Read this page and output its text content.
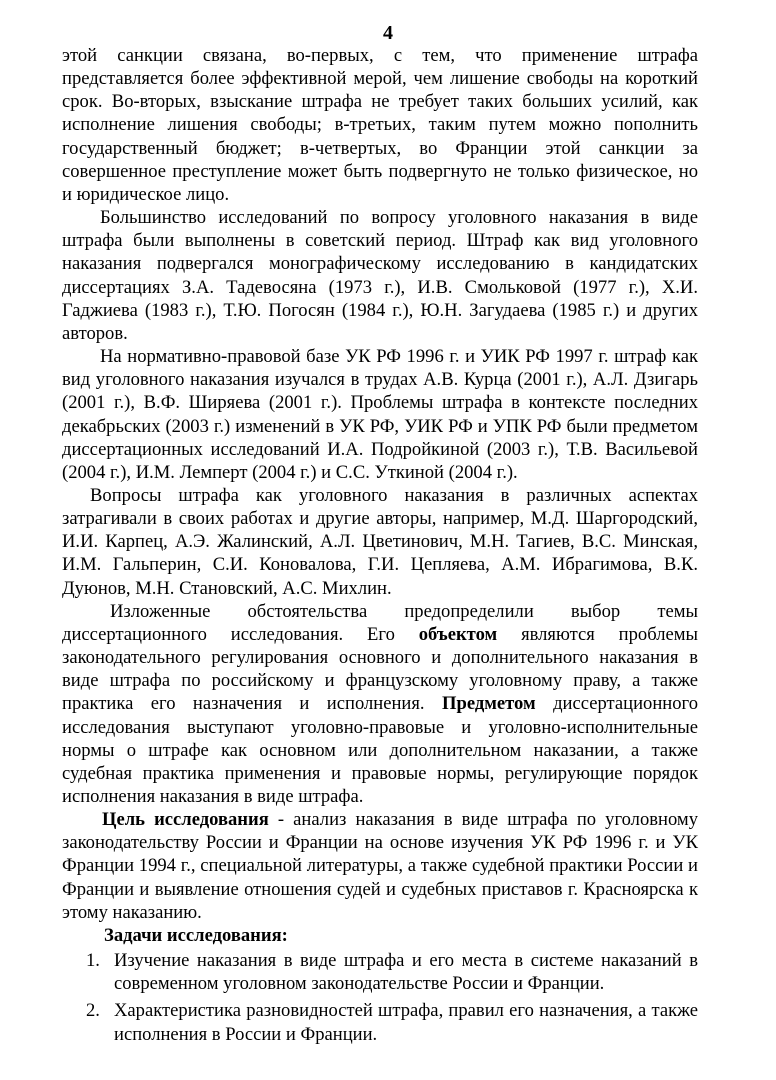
4

этой санкции связана, во-первых, с тем, что применение штрафа представляется более эффективной мерой, чем лишение свободы на короткий срок. Во-вторых, взыскание штрафа не требует таких больших усилий, как исполнение лишения свободы; в-третьих, таким путем можно пополнить государственный бюджет; в-четвертых, во Франции этой санкции за совершенное преступление может быть подвергнуто не только физическое, но и юридическое лицо.

Большинство исследований по вопросу уголовного наказания в виде штрафа были выполнены в советский период. Штраф как вид уголовного наказания подвергался монографическому исследованию в кандидатских диссертациях З.А. Тадевосяна (1973 г.), И.В. Смольковой (1977 г.), Х.И. Гаджиева (1983 г.), Т.Ю. Погосян (1984 г.), Ю.Н. Загудаева (1985 г.) и других авторов.

На нормативно-правовой базе УК РФ 1996 г. и УИК РФ 1997 г. штраф как вид уголовного наказания изучался в трудах А.В. Курца (2001 г.), А.Л. Дзигарь (2001 г.), В.Ф. Ширяева (2001 г.). Проблемы штрафа в контексте последних декабрьских (2003 г.) изменений в УК РФ, УИК РФ и УПК РФ были предметом диссертационных исследований И.А. Подройкиной (2003 г.), Т.В. Васильевой (2004 г.), И.М. Лемперт (2004 г.) и С.С. Уткиной (2004 г.).

Вопросы штрафа как уголовного наказания в различных аспектах затрагивали в своих работах и другие авторы, например, М.Д. Шаргородский, И.И. Карпец, А.Э. Жалинский, А.Л. Цветинович, М.Н. Тагиев, В.С. Минская, И.М. Гальперин, С.И. Коновалова, Г.И. Цепляева, А.М. Ибрагимова, В.К. Дуюнов, М.Н. Становский, А.С. Михлин.

Изложенные обстоятельства предопределили выбор темы диссертационного исследования. Его объектом являются проблемы законодательного регулирования основного и дополнительного наказания в виде штрафа по российскому и французскому уголовному праву, а также практика его назначения и исполнения. Предметом диссертационного исследования выступают уголовно-правовые и уголовно-исполнительные нормы о штрафе как основном или дополнительном наказании, а также судебная практика применения и правовые нормы, регулирующие порядок исполнения наказания в виде штрафа.

Цель исследования - анализ наказания в виде штрафа по уголовному законодательству России и Франции на основе изучения УК РФ 1996 г. и УК Франции 1994 г., специальной литературы, а также судебной практики России и Франции и выявление отношения судей и судебных приставов г. Красноярска к этому наказанию.

Задачи исследования:

1. Изучение наказания в виде штрафа и его места в системе наказаний в современном уголовном законодательстве России и Франции.
2. Характеристика разновидностей штрафа, правил его назначения, а также исполнения в России и Франции.
